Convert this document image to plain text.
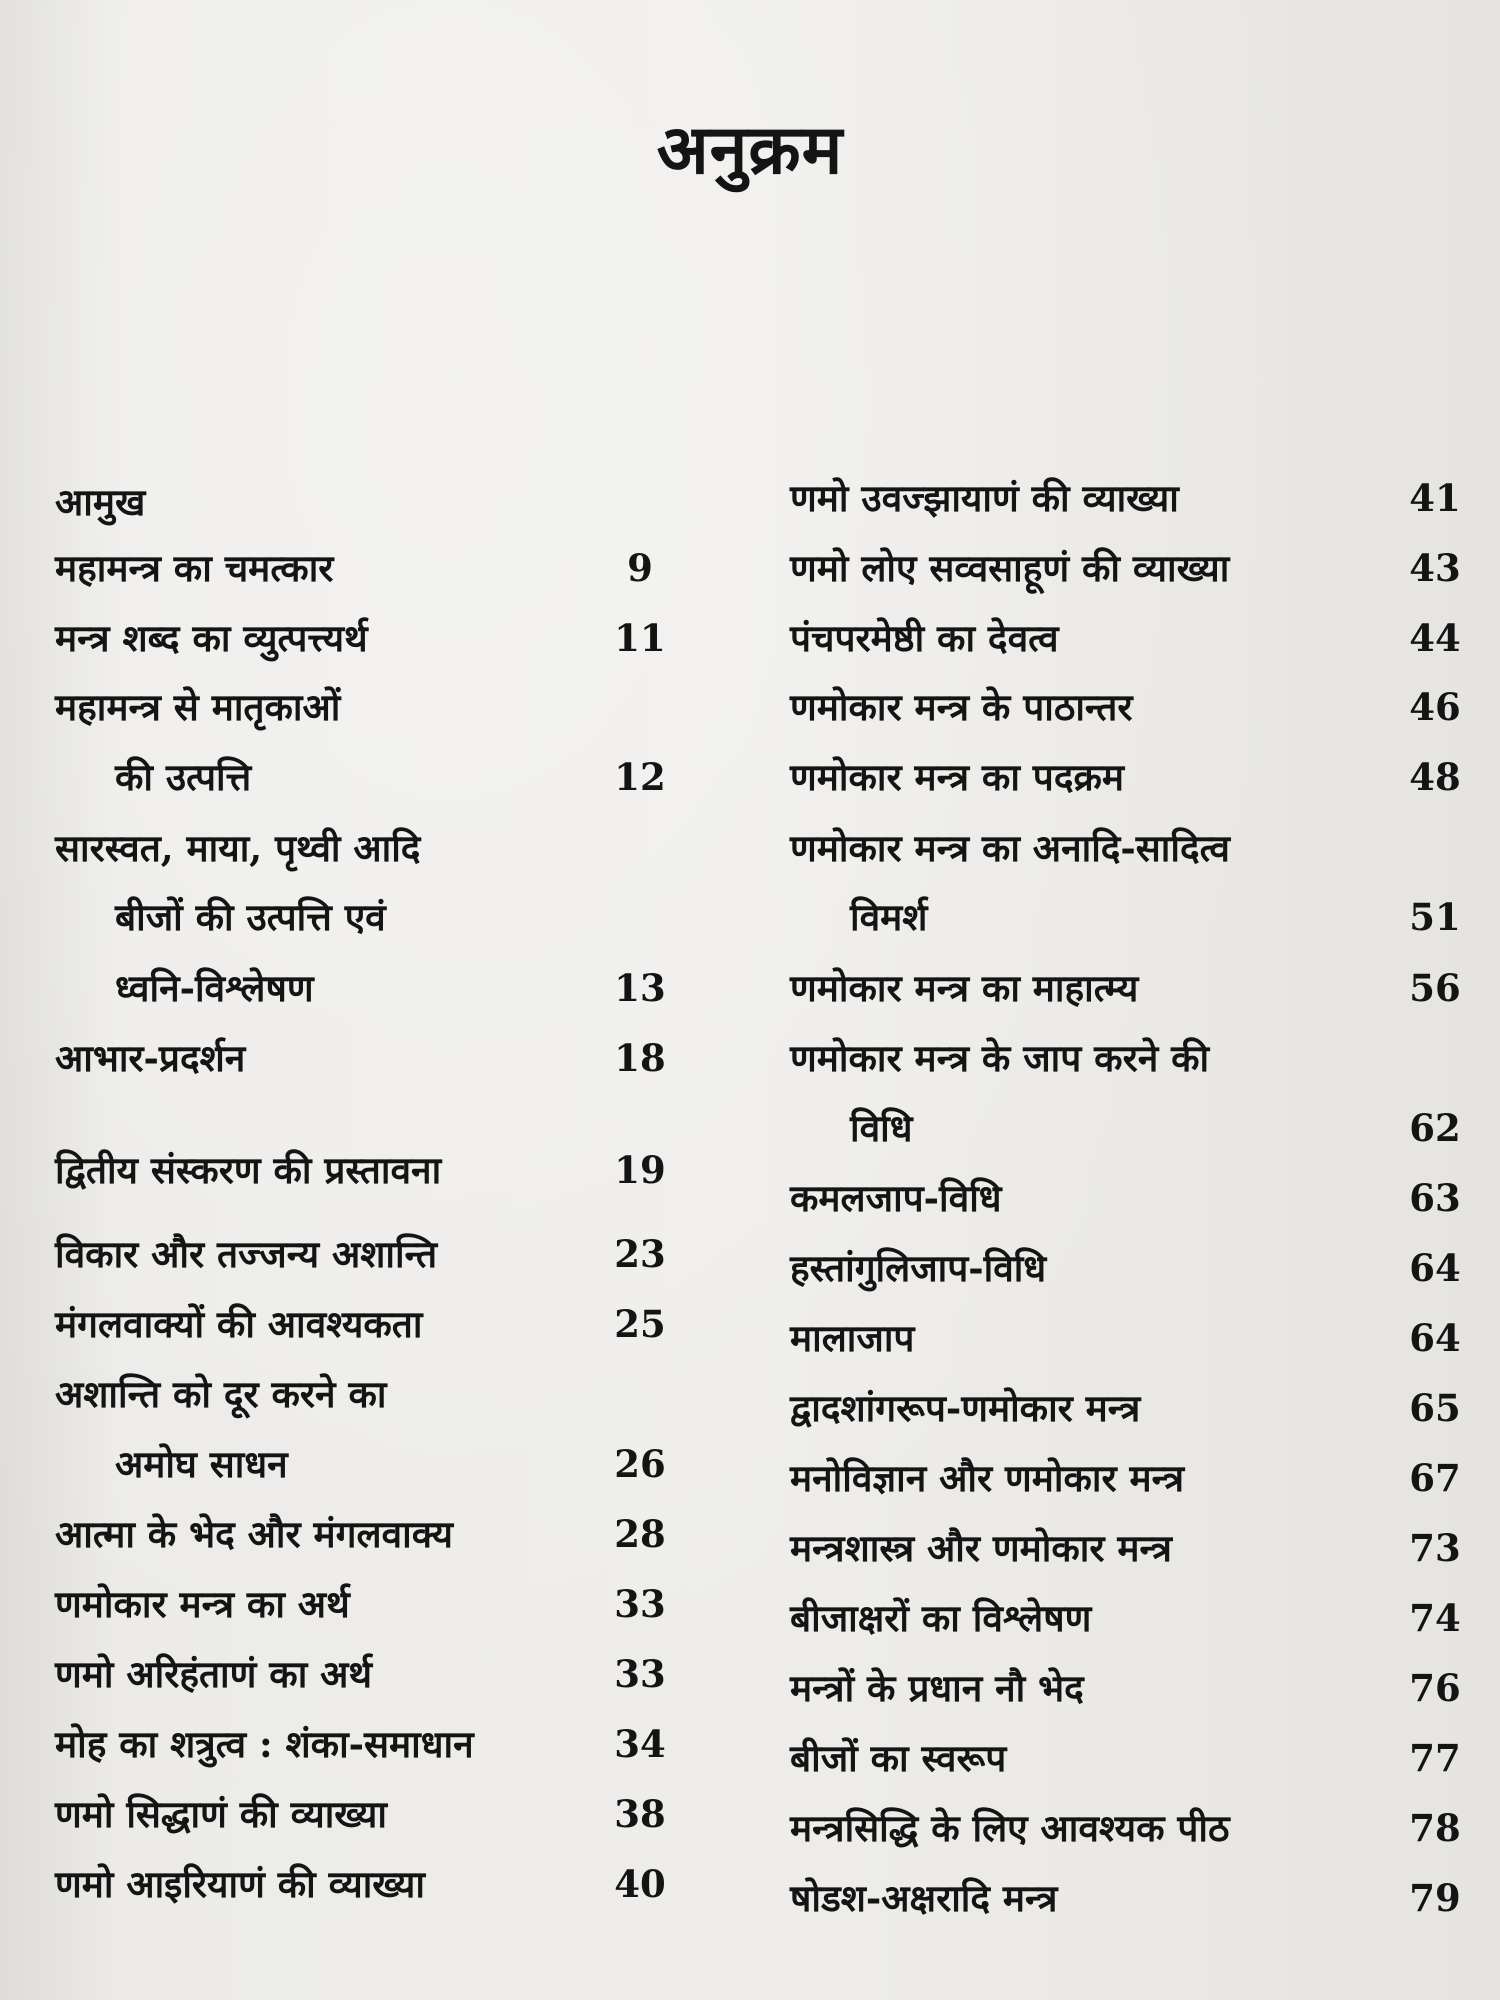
अनुक्रम
आमुख
महामन्त्र का चमत्कार	9
मन्त्र शब्द का व्युत्पत्त्यर्थ	11
महामन्त्र से मातृकाओं
की उत्पत्ति	12
सारस्वत, माया, पृथ्वी आदि
बीजों की उत्पत्ति एवं
ध्वनि-विश्लेषण	13
आभार-प्रदर्शन	18
द्वितीय संस्करण की प्रस्तावना	19
विकार और तज्जन्य अशान्ति	23
मंगलवाक्यों की आवश्यकता	25
अशान्ति को दूर करने का
अमोघ साधन	26
आत्मा के भेद और मंगलवाक्य	28
णमोकार मन्त्र का अर्थ	33
णमो अरिहंताणं का अर्थ	33
मोह का शत्रुत्व : शंका-समाधान	34
णमो सिद्धाणं की व्याख्या	38
णमो आइरियाणं की व्याख्या	40
णमो उवज्झायाणं की व्याख्या	41
णमो लोए सव्वसाहूणं की व्याख्या	43
पंचपरमेष्ठी का देवत्व	44
णमोकार मन्त्र के पाठान्तर	46
णमोकार मन्त्र का पदक्रम	48
णमोकार मन्त्र का अनादि-सादित्व
विमर्श	51
णमोकार मन्त्र का माहात्म्य	56
णमोकार मन्त्र के जाप करने की
विधि	62
कमलजाप-विधि	63
हस्तांगुलिजाप-विधि	64
मालाजाप	64
द्वादशांगरूप-णमोकार मन्त्र	65
मनोविज्ञान और णमोकार मन्त्र	67
मन्त्रशास्त्र और णमोकार मन्त्र	73
बीजाक्षरों का विश्लेषण	74
मन्त्रों के प्रधान नौ भेद	76
बीजों का स्वरूप	77
मन्त्रसिद्धि के लिए आवश्यक पीठ	78
षोडश-अक्षरादि मन्त्र	79
